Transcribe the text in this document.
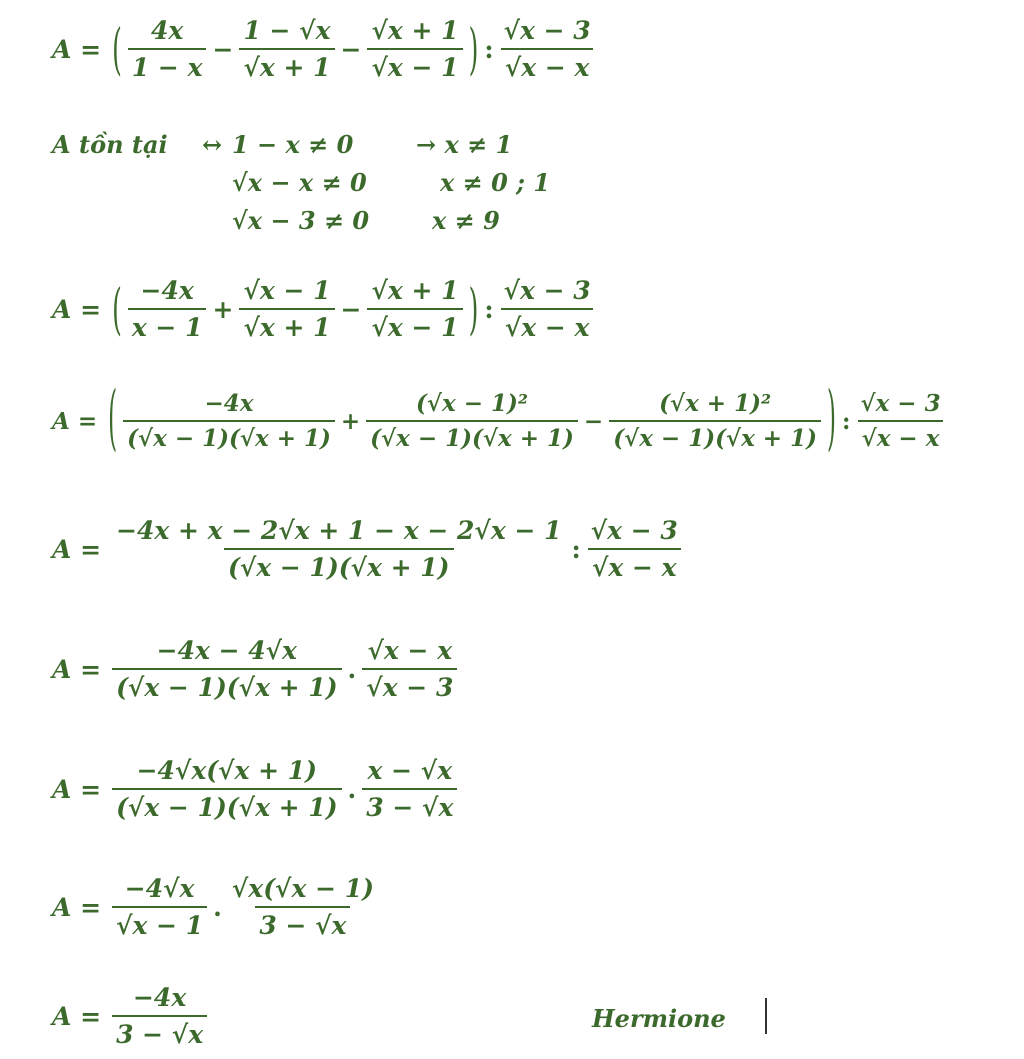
A = ( $\frac{4x}{1 - x} - \frac{1 - √x}{√x + 1} - \frac{√x + 1}{√x - 1}$ ) : $\frac{√x - 3}{√x - x}$
A tồn tại ↔ 1 − x ≠ 0	→ x ≠ 1
√x − x ≠ 0	x ≠ 0 ; 1
√x − 3 ≠ 0	x ≠ 9
A = ( $\frac{-4x}{x - 1} + \frac{√x - 1}{√x + 1} - \frac{√x + 1}{√x - 1}$ ) : $\frac{√x - 3}{√x - x}$
A = ( $\frac{-4x}{(√x - 1)(√x + 1)} + \frac{\text{(√x − 1)²}}{(√x - 1)(√x + 1)} - \frac{\text{(√x + 1)²}}{(√x - 1)(√x + 1)}$ ) : $\frac{√x - 3}{√x - x}$
$A = \frac{-4x + x - 2√x + 1 - x - 2√x - 1}{(√x - 1)(√x + 1)}$ : $\frac{√x - 3}{√x - x}$
$A = \frac{-4x - 4√x}{(√x - 1)(√x + 1)}$ . $\frac{√x - x}{√x - 3}$
$A = \frac{-4√x(√x + 1)}{(√x - 1)(√x + 1)}$ . $\frac{x - √x}{3 - √x}$
$A = \frac{-4√x}{√x - 1}$ . $\frac{√x(√x - 1)}{3 - √x}$
$A = \frac{-4x}{3 - √x}$	Hermione
